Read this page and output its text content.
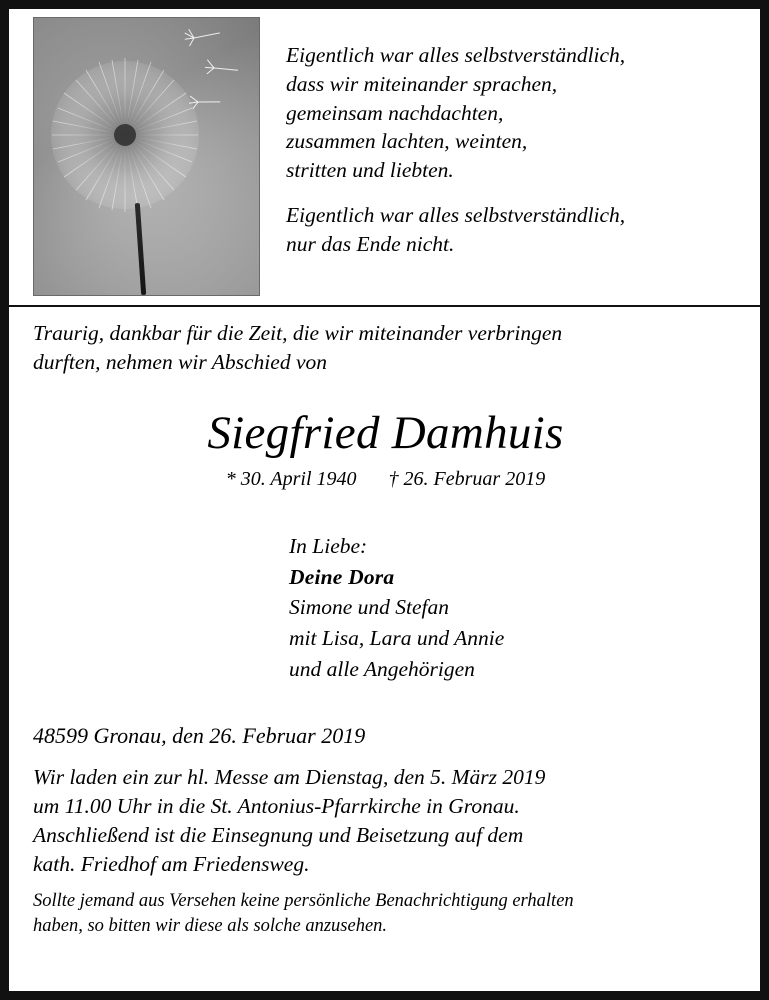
Eigentlich war alles selbstverständlich,

dass wir miteinander sprachen,

gemeinsam nachdachten,

zusammen lachten, weinten,

stritten und liebten.

Eigentlich war alles selbstverständlich,

nur das Ende nicht.

Traurig, dankbar für die Zeit, die wir miteinander verbringen

durften, nehmen wir Abschied von

Siegfried Damhuis
* 30. April 1940 † 26. Februar 2019
In Liebe:
Deine Dora
Simone und Stefan
mit Lisa, Lara und Annie
und alle Angehörigen
48599 Gronau, den 26. Februar 2019

Wir laden ein zur hl. Messe am Dienstag, den 5. März 2019

um 11.00 Uhr in die St. Antonius-Pfarrkirche in Gronau.

Anschließend ist die Einsegnung und Beisetzung auf dem

kath. Friedhof am Friedensweg.

Sollte jemand aus Versehen keine persönliche Benachrichtigung erhalten

haben, so bitten wir diese als solche anzusehen.
